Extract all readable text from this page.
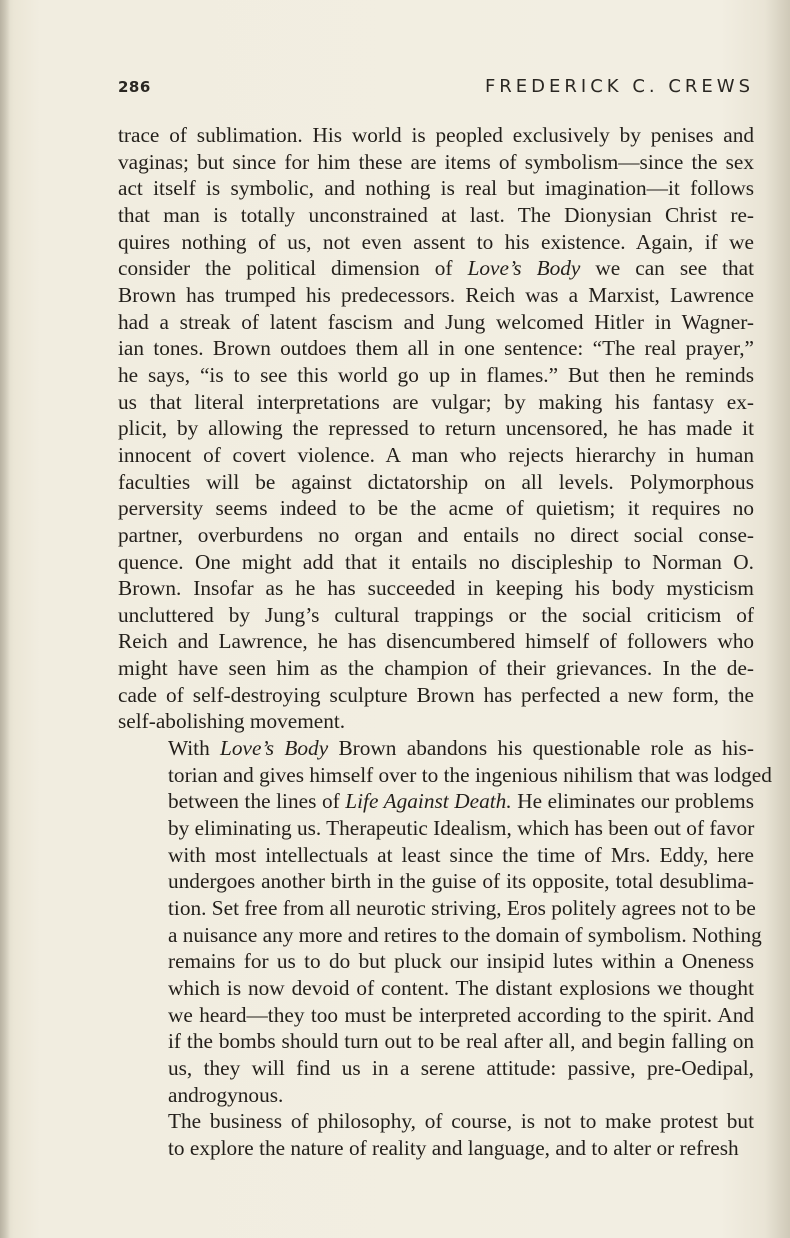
286	FREDERICK C. CREWS

trace of sublimation. His world is peopled exclusively by penises and
vaginas; but since for him these are items of symbolism—since the sex
act itself is symbolic, and nothing is real but imagination—it follows
that man is totally unconstrained at last. The Dionysian Christ re-
quires nothing of us, not even assent to his existence. Again, if we
consider the political dimension of Love’s Body we can see that
Brown has trumped his predecessors. Reich was a Marxist, Lawrence
had a streak of latent fascism and Jung welcomed Hitler in Wagner-
ian tones. Brown outdoes them all in one sentence: “The real prayer,”
he says, “is to see this world go up in flames.” But then he reminds
us that literal interpretations are vulgar; by making his fantasy ex-
plicit, by allowing the repressed to return uncensored, he has made it
innocent of covert violence. A man who rejects hierarchy in human
faculties will be against dictatorship on all levels. Polymorphous
perversity seems indeed to be the acme of quietism; it requires no
partner, overburdens no organ and entails no direct social conse-
quence. One might add that it entails no discipleship to Norman O.
Brown. Insofar as he has succeeded in keeping his body mysticism
uncluttered by Jung’s cultural trappings or the social criticism of
Reich and Lawrence, he has disencumbered himself of followers who
might have seen him as the champion of their grievances. In the de-
cade of self-destroying sculpture Brown has perfected a new form, the
self-abolishing movement.

With Love’s Body Brown abandons his questionable role as his-
torian and gives himself over to the ingenious nihilism that was lodged
between the lines of Life Against Death. He eliminates our problems
by eliminating us. Therapeutic Idealism, which has been out of favor
with most intellectuals at least since the time of Mrs. Eddy, here
undergoes another birth in the guise of its opposite, total desublima-
tion. Set free from all neurotic striving, Eros politely agrees not to be
a nuisance any more and retires to the domain of symbolism. Nothing
remains for us to do but pluck our insipid lutes within a Oneness
which is now devoid of content. The distant explosions we thought
we heard—they too must be interpreted according to the spirit. And
if the bombs should turn out to be real after all, and begin falling on
us, they will find us in a serene attitude: passive, pre-Oedipal,
androgynous.

The business of philosophy, of course, is not to make protest but
to explore the nature of reality and language, and to alter or refresh
